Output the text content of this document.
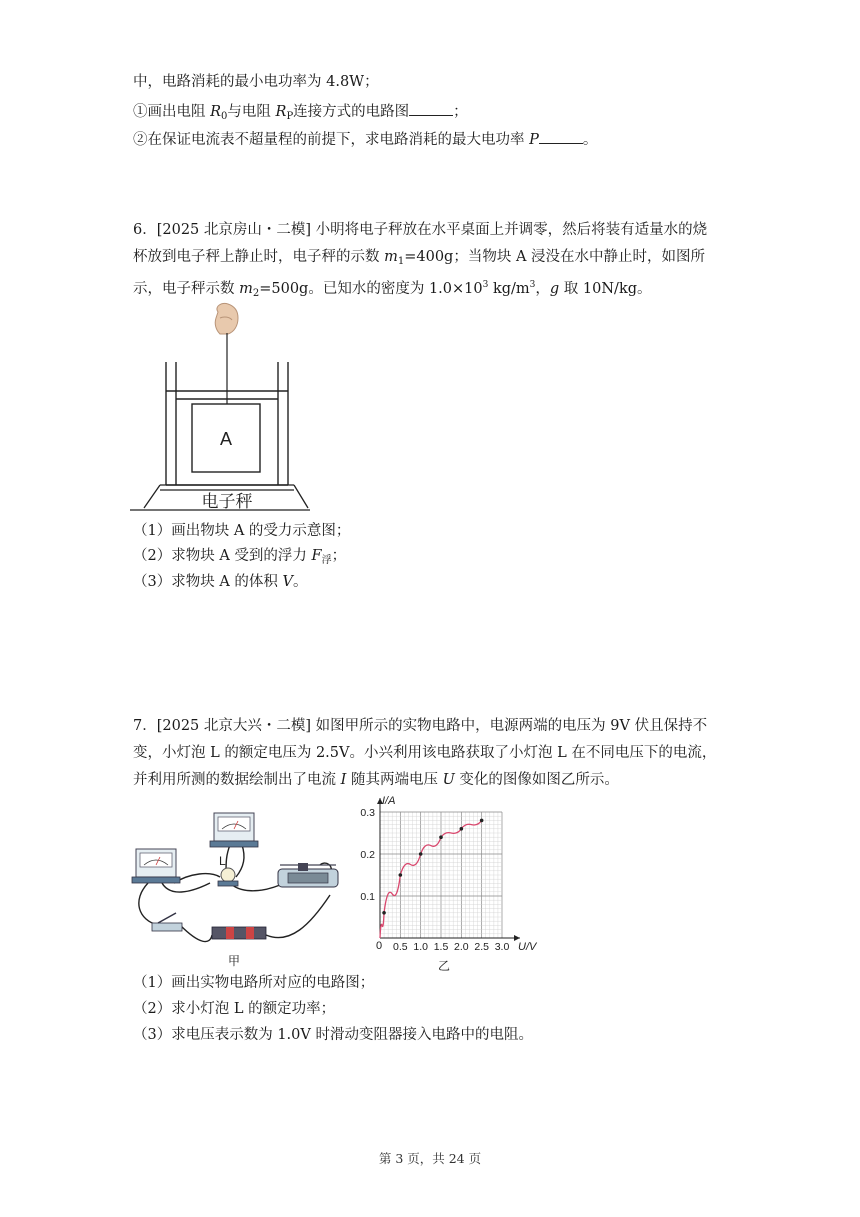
中，电路消耗的最小电功率为 4.8W；
①画出电阻 $R_0$与电阻 $R_P$连接方式的电路图	；
②在保证电流表不超量程的前提下，求电路消耗的最大电功率 P	。
6．[2025 北京房山・二模] 小明将电子秤放在水平桌面上并调零，然后将装有适量水的烧
杯放到电子秤上静止时，电子秤的示数 $m_1=400g$；当物块 A 浸没在水中静止时，如图所
示，电子秤示数 $m_2=500g$。已知水的密度为 $1.0\times 10^3$ $kg/m^3$，g 取 10N/kg。
A
电子秤
（1）画出物块 A 的受力示意图；
（2）求物块 A 受到的浮力 $F_浮$；
（3）求物块 A 的体积 V。
7．[2025 北京大兴・二模] 如图甲所示的实物电路中，电源两端的电压为 9V 伏且保持不
变，小灯泡 L 的额定电压为 2.5V。小兴利用该电路获取了小灯泡 L 在不同电压下的电流，
并利用所测的数据绘制出了电流 I 随其两端电压 U 变化的图像如图乙所示。
L
甲
0.5 1.0 1.5 2.0 2.5 3.0
0.1
0.2
0.3
I/A
U/V
0
乙
（1）画出实物电路所对应的电路图；
（2）求小灯泡 L 的额定功率；
（3）求电压表示数为 1.0V 时滑动变阻器接入电路中的电阻。
第 3 页，共 24 页
